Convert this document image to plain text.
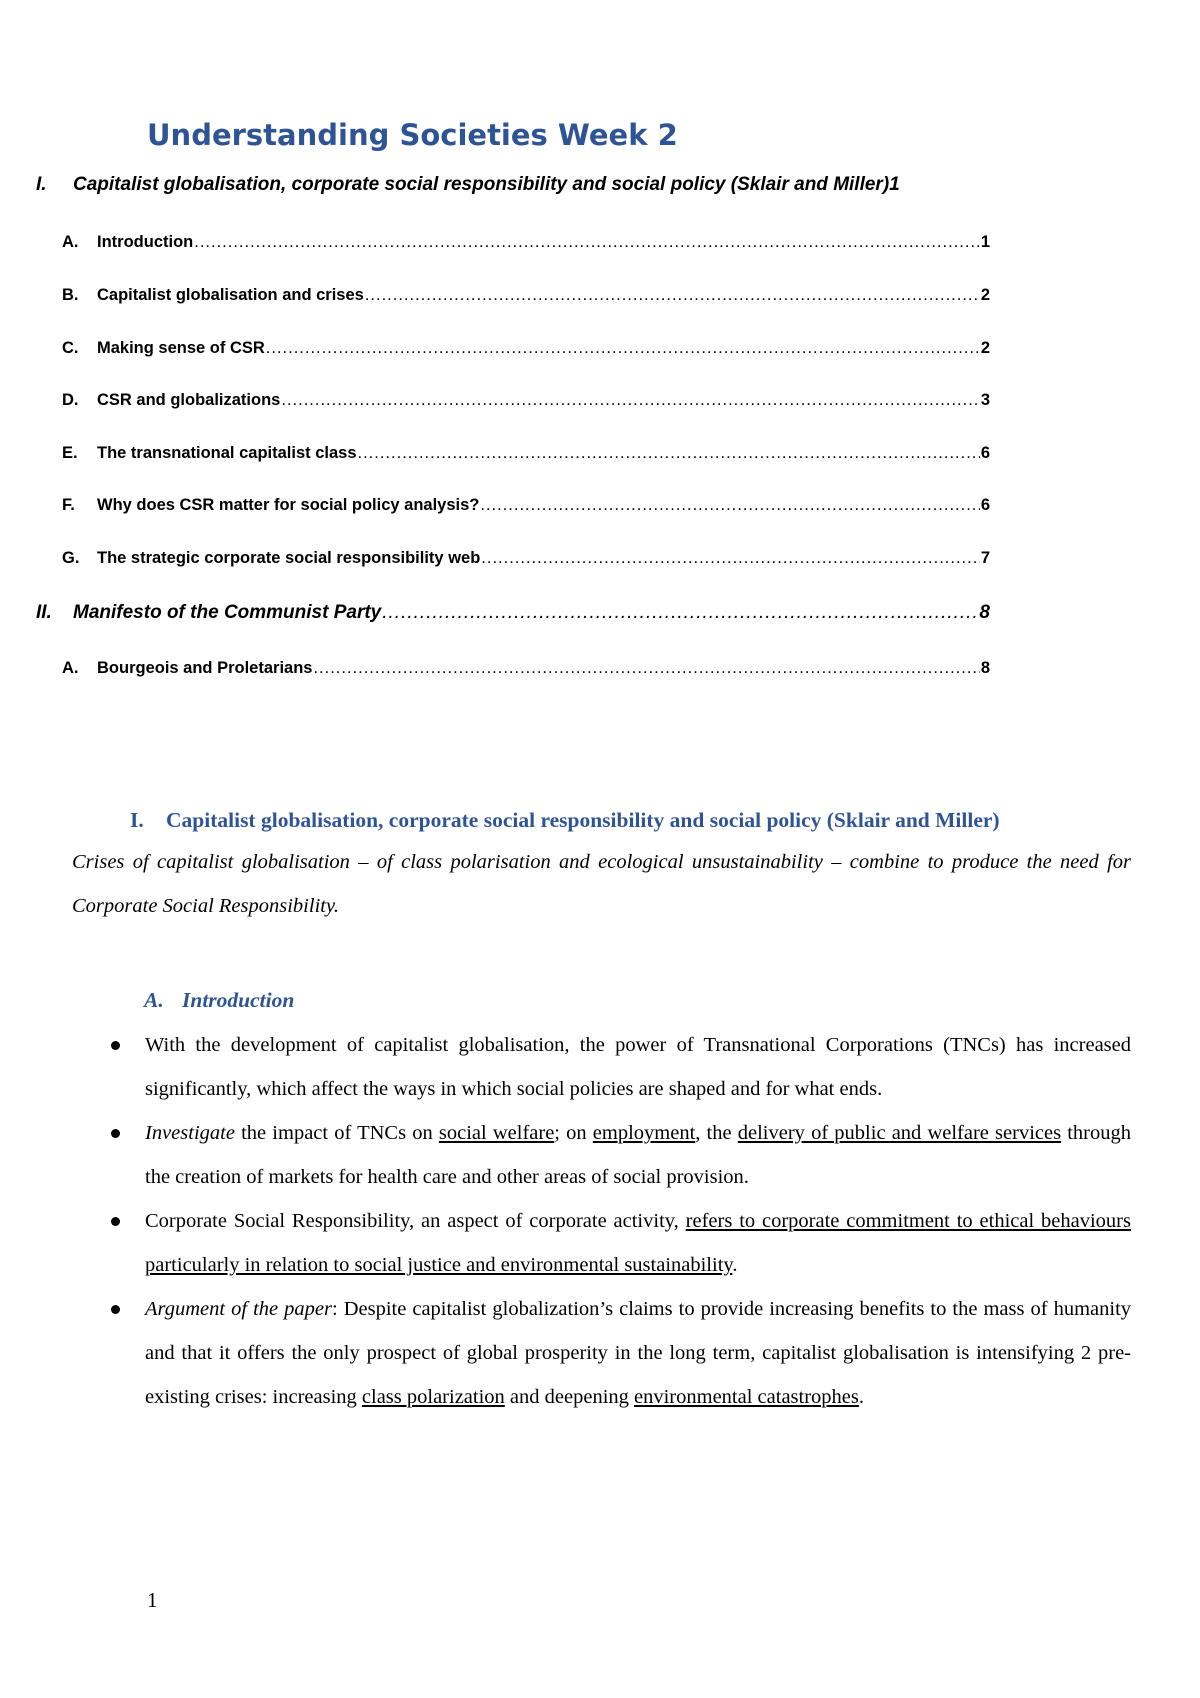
Understanding Societies Week 2
I.	Capitalist globalisation, corporate social responsibility and social policy (Sklair and Miller) 1
A.	Introduction .....	1
B.	Capitalist globalisation and crises .....	2
C.	Making sense of CSR .....	2
D.	CSR and globalizations .....	3
E.	The transnational capitalist class .....	6
F.	Why does CSR matter for social policy analysis? .....	6
G.	The strategic corporate social responsibility web .....	7
II.	Manifesto of the Communist Party .....	8
A.	Bourgeois and Proletarians .....	8
I. Capitalist globalisation, corporate social responsibility and social policy (Sklair and Miller)
Crises of capitalist globalisation – of class polarisation and ecological unsustainability – combine to produce the need for Corporate Social Responsibility.
A. Introduction
With the development of capitalist globalisation, the power of Transnational Corporations (TNCs) has increased significantly, which affect the ways in which social policies are shaped and for what ends.
Investigate the impact of TNCs on social welfare; on employment, the delivery of public and welfare services through the creation of markets for health care and other areas of social provision.
Corporate Social Responsibility, an aspect of corporate activity, refers to corporate commitment to ethical behaviours particularly in relation to social justice and environmental sustainability.
Argument of the paper: Despite capitalist globalization’s claims to provide increasing benefits to the mass of humanity and that it offers the only prospect of global prosperity in the long term, capitalist globalisation is intensifying 2 pre-existing crises: increasing class polarization and deepening environmental catastrophes.
1
